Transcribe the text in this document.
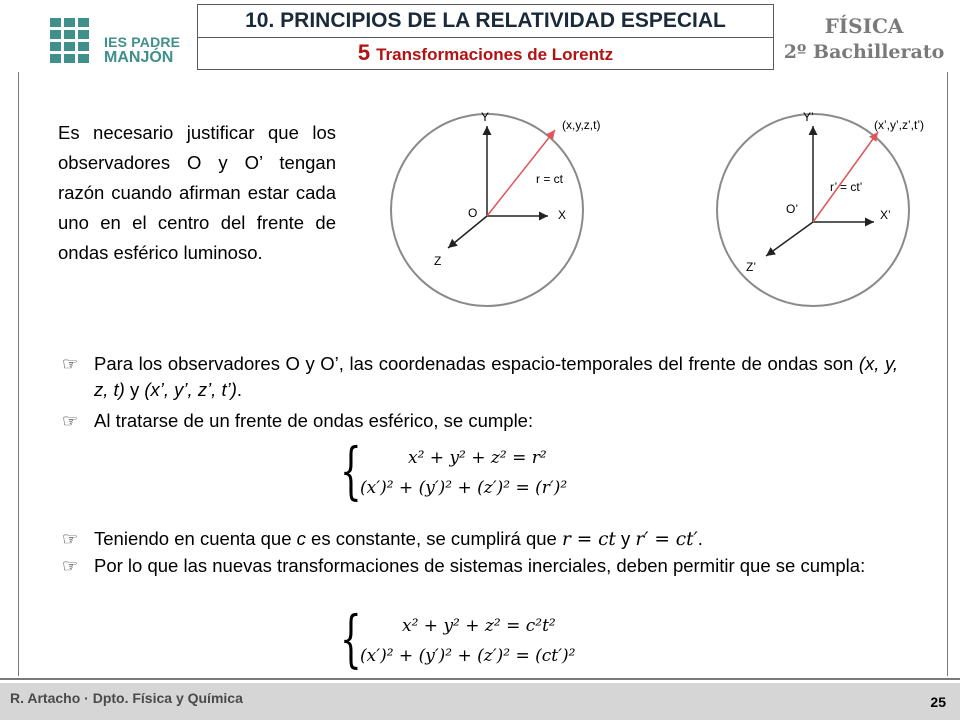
IES PADRE
MANJÓN
10. PRINCIPIOS DE LA RELATIVIDAD ESPECIAL
5 Transformaciones de Lorentz
FÍSICA
2º Bachillerato
Es necesario justificar que los observadores O y O’ tengan razón cuando afirman estar cada uno en el centro del frente de ondas esférico luminoso.
(x,y,z,t)
Y
X
Z
O
r = ct
(x’,y’,z’,t’)
Y’
X’
Z’
O’
r’ = ct’
☞ Para los observadores O y O’, las coordenadas espacio-temporales del frente de ondas son (x, y, z, t) y (x’, y’, z’, t’).
☞ Al tratarse de un frente de ondas esférico, se cumple:
{	x² + y² + z² = r²
(x′)² + (y′)² + (z′)² = (r′)²
☞ Teniendo en cuenta que c es constante, se cumplirá que r = ct y r′ = ct′.
☞ Por lo que las nuevas transformaciones de sistemas inerciales, deben permitir que se cumpla:
{ x² + y² + z² = c²t²
(x′)² + (y′)² + (z′)² = (ct′)²
R. Artacho · Dpto. Física y Química	25
